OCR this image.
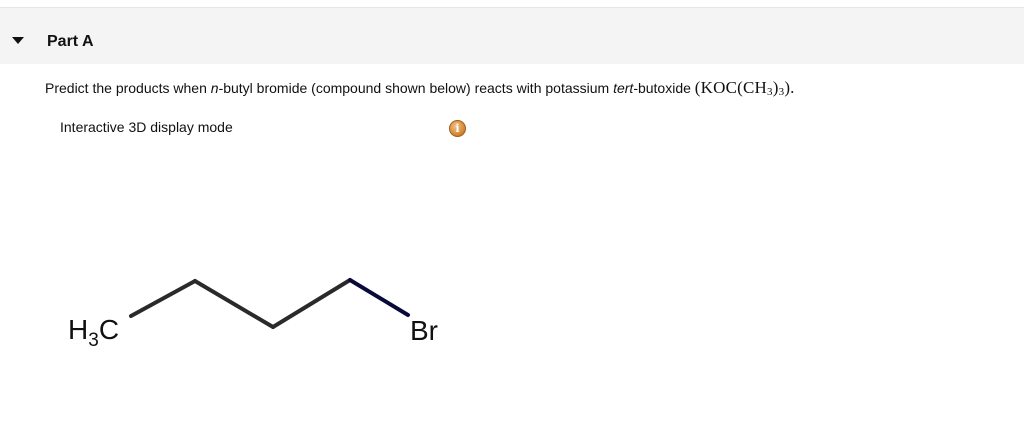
Part A
Predict the products when n-butyl bromide (compound shown below) reacts with potassium tert-butoxide $(KOC(CH_3)_3)$.
Interactive 3D display mode	i
$H_3C$	Br
